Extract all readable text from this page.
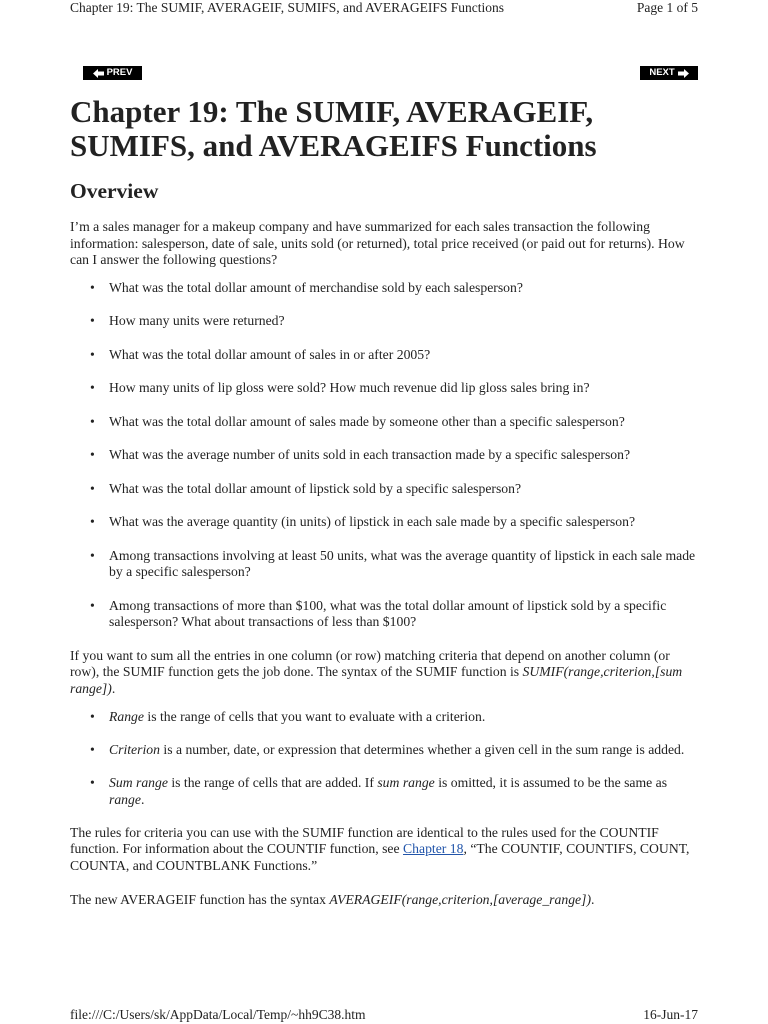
Chapter 19: The SUMIF, AVERAGEIF, SUMIFS, and AVERAGEIFS Functions	Page 1 of 5
PREV	NEXT
Chapter 19: The SUMIF, AVERAGEIF, SUMIFS, and AVERAGEIFS Functions
Overview

I’m a sales manager for a makeup company and have summarized for each sales transaction the following information: salesperson, date of sale, units sold (or returned), total price received (or paid out for returns). How can I answer the following questions?

• What was the total dollar amount of merchandise sold by each salesperson?
• How many units were returned?
• What was the total dollar amount of sales in or after 2005?
• How many units of lip gloss were sold? How much revenue did lip gloss sales bring in?
• What was the total dollar amount of sales made by someone other than a specific salesperson?
• What was the average number of units sold in each transaction made by a specific salesperson?
• What was the total dollar amount of lipstick sold by a specific salesperson?
• What was the average quantity (in units) of lipstick in each sale made by a specific salesperson?
• Among transactions involving at least 50 units, what was the average quantity of lipstick in each sale made by a specific salesperson?
• Among transactions of more than $100, what was the total dollar amount of lipstick sold by a specific salesperson? What about transactions of less than $100?

If you want to sum all the entries in one column (or row) matching criteria that depend on another column (or row), the SUMIF function gets the job done. The syntax of the SUMIF function is SUMIF(range,criterion,[sum range]).

• Range is the range of cells that you want to evaluate with a criterion.
• Criterion is a number, date, or expression that determines whether a given cell in the sum range is added.
• Sum range is the range of cells that are added. If sum range is omitted, it is assumed to be the same as range.

The rules for criteria you can use with the SUMIF function are identical to the rules used for the COUNTIF function. For information about the COUNTIF function, see Chapter 18, “The COUNTIF, COUNTIFS, COUNT, COUNTA, and COUNTBLANK Functions.”

The new AVERAGEIF function has the syntax AVERAGEIF(range,criterion,[average_range]).

file:///C:/Users/sk/AppData/Local/Temp/~hh9C38.htm	16-Jun-17
